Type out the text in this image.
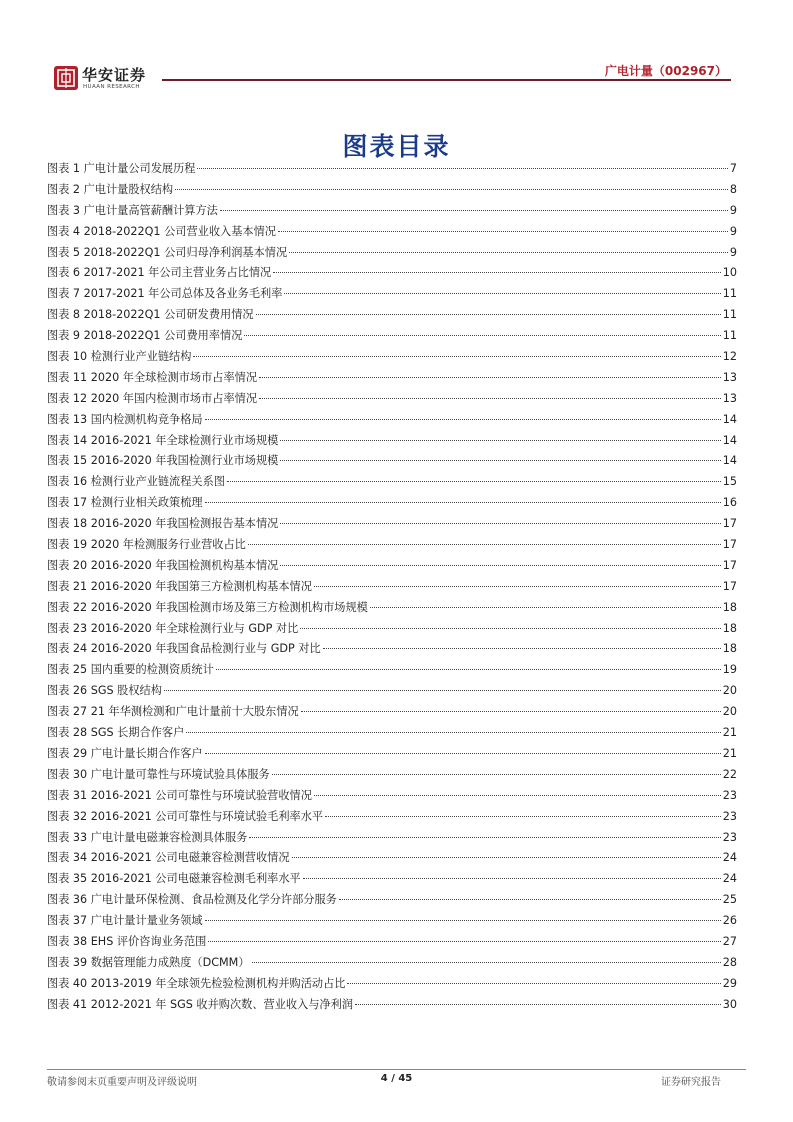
华安证券
HUAAN RESEARCH
广电计量（002967）
图表目录
图表 1 广电计量公司发展历程	7
图表 2 广电计量股权结构	8
图表 3 广电计量高管薪酬计算方法	9
图表 4 2018-2022Q1 公司营业收入基本情况	9
图表 5 2018-2022Q1 公司归母净利润基本情况	9
图表 6 2017-2021 年公司主营业务占比情况	10
图表 7 2017-2021 年公司总体及各业务毛利率	11
图表 8 2018-2022Q1 公司研发费用情况	11
图表 9 2018-2022Q1 公司费用率情况	11
图表 10 检测行业产业链结构	12
图表 11 2020 年全球检测市场市占率情况	13
图表 12 2020 年国内检测市场市占率情况	13
图表 13 国内检测机构竞争格局	14
图表 14 2016-2021 年全球检测行业市场规模	14
图表 15 2016-2020 年我国检测行业市场规模	14
图表 16 检测行业产业链流程关系图	15
图表 17 检测行业相关政策梳理	16
图表 18 2016-2020 年我国检测报告基本情况	17
图表 19 2020 年检测服务行业营收占比	17
图表 20 2016-2020 年我国检测机构基本情况	17
图表 21 2016-2020 年我国第三方检测机构基本情况	17
图表 22 2016-2020 年我国检测市场及第三方检测机构市场规模	18
图表 23 2016-2020 年全球检测行业与 GDP 对比	18
图表 24 2016-2020 年我国食品检测行业与 GDP 对比	18
图表 25 国内重要的检测资质统计	19
图表 26 SGS 股权结构	20
图表 27 21 年华测检测和广电计量前十大股东情况	20
图表 28 SGS 长期合作客户	21
图表 29 广电计量长期合作客户	21
图表 30 广电计量可靠性与环境试验具体服务	22
图表 31 2016-2021 公司可靠性与环境试验营收情况	23
图表 32 2016-2021 公司可靠性与环境试验毛利率水平	23
图表 33 广电计量电磁兼容检测具体服务	23
图表 34 2016-2021 公司电磁兼容检测营收情况	24
图表 35 2016-2021 公司电磁兼容检测毛利率水平	24
图表 36 广电计量环保检测、食品检测及化学分许部分服务	25
图表 37 广电计量计量业务领域	26
图表 38 EHS 评价咨询业务范围	27
图表 39 数据管理能力成熟度（DCMM）	28
图表 40 2013-2019 年全球领先检验检测机构并购活动占比	29
图表 41 2012-2021 年 SGS 收并购次数、营业收入与净利润	30
敬请参阅末页重要声明及评级说明	4 / 45	证券研究报告
